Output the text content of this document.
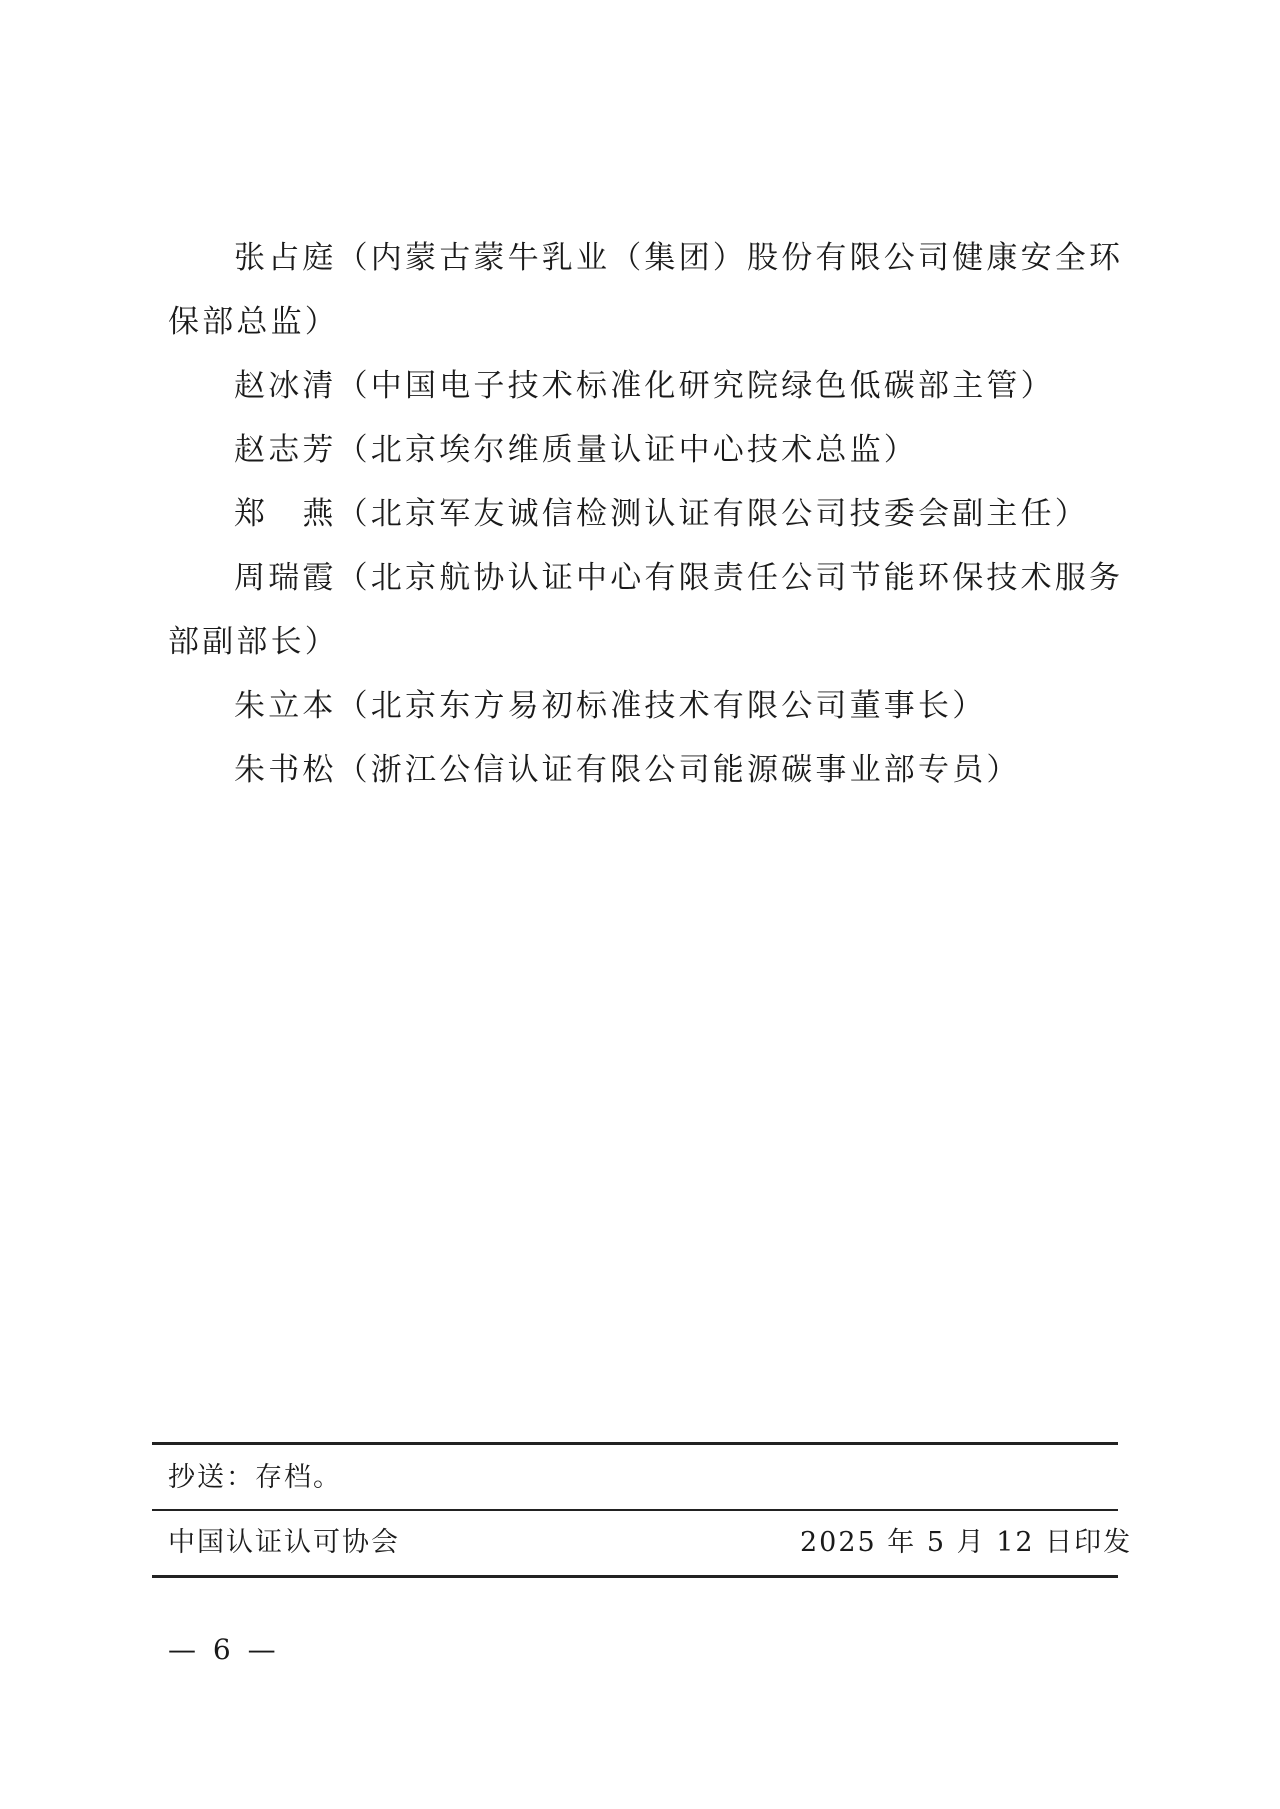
张占庭（内蒙古蒙牛乳业（集团）股份有限公司健康安全环保部总监）
赵冰清（中国电子技术标准化研究院绿色低碳部主管）
赵志芳（北京埃尔维质量认证中心技术总监）
郑　燕（北京军友诚信检测认证有限公司技委会副主任）
周瑞霞（北京航协认证中心有限责任公司节能环保技术服务部副部长）
朱立本（北京东方易初标准技术有限公司董事长）
朱书松（浙江公信认证有限公司能源碳事业部专员）
抄送：存档。
中国认证认可协会	2025 年 5 月 12 日印发
— 6 —
